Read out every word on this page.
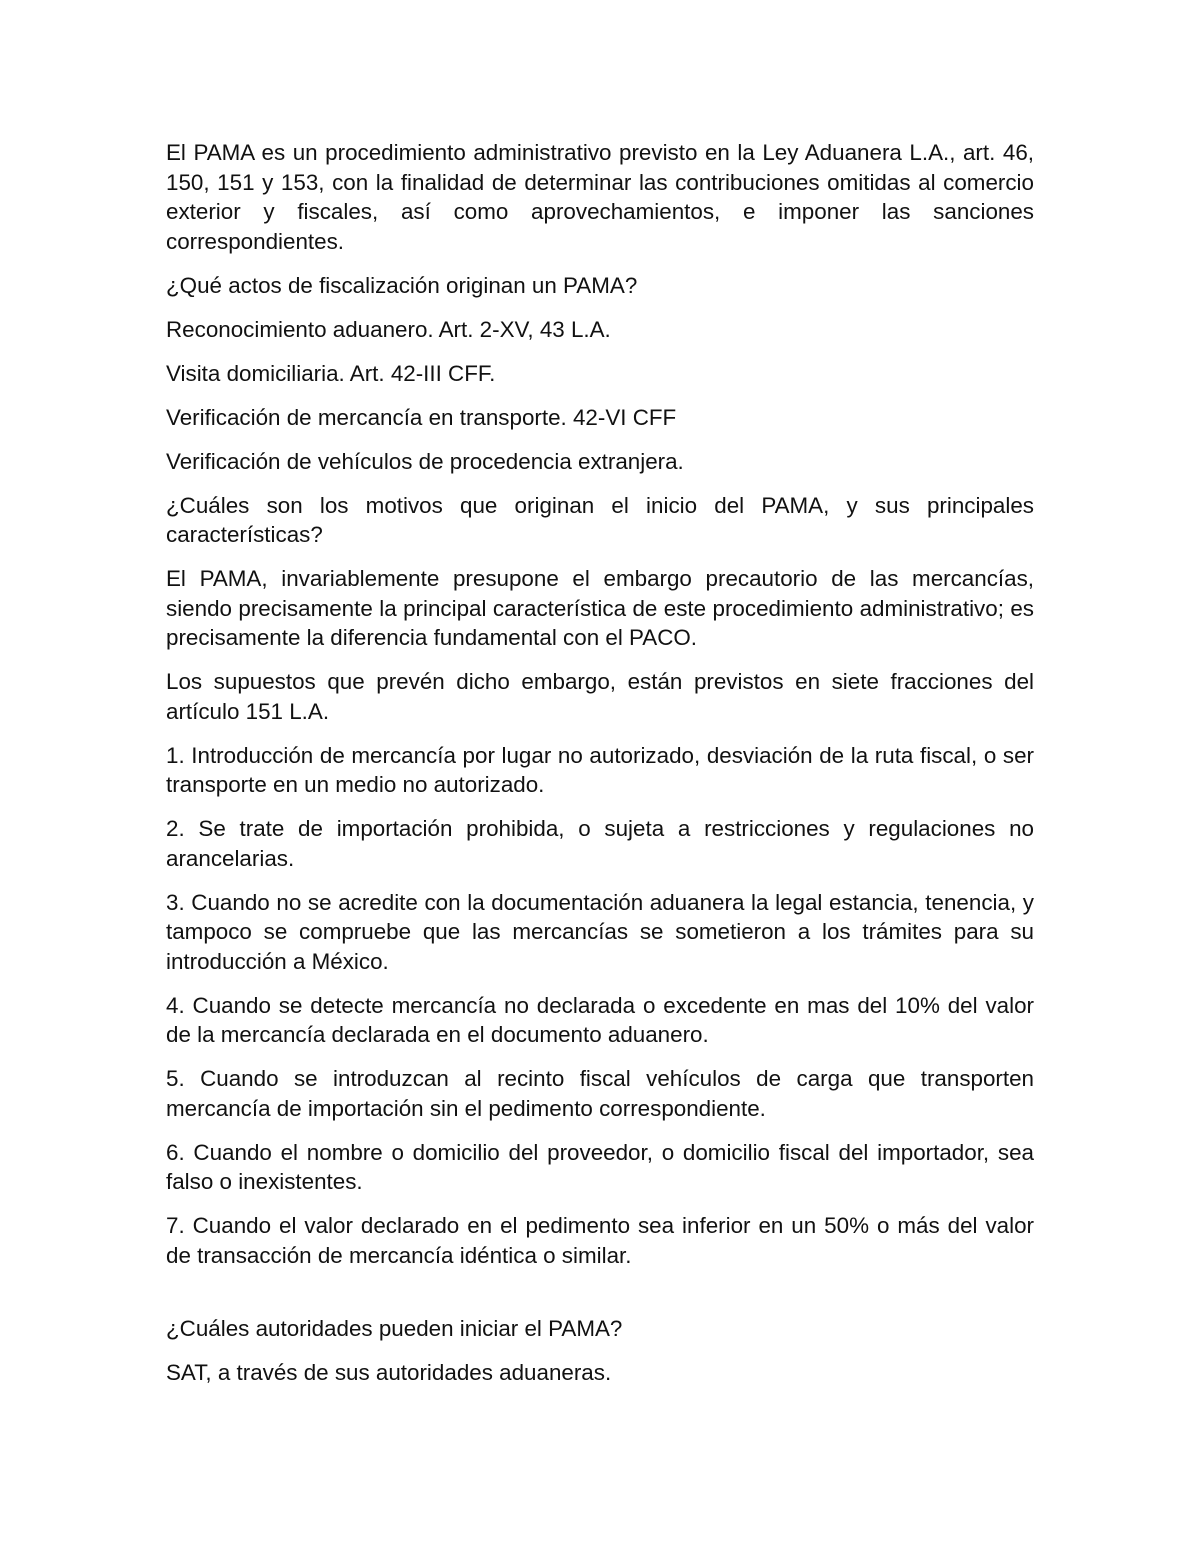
El PAMA es un procedimiento administrativo previsto en la Ley Aduanera L.A., art. 46, 150, 151 y 153, con la finalidad de determinar las contribuciones omitidas al comercio exterior y fiscales, así como aprovechamientos, e imponer las sanciones correspondientes.

¿Qué actos de fiscalización originan un PAMA?

Reconocimiento aduanero. Art. 2-XV, 43 L.A.

Visita domiciliaria. Art. 42-III CFF.

Verificación de mercancía en transporte. 42-VI CFF

Verificación de vehículos de procedencia extranjera.

¿Cuáles son los motivos que originan el inicio del PAMA, y sus principales características?

El PAMA, invariablemente presupone el embargo precautorio de las mercancías, siendo precisamente la principal característica de este procedimiento administrativo; es precisamente la diferencia fundamental con el PACO.

Los supuestos que prevén dicho embargo, están previstos en siete fracciones del artículo 151 L.A.

1. Introducción de mercancía por lugar no autorizado, desviación de la ruta fiscal, o ser transporte en un medio no autorizado.

2. Se trate de importación prohibida, o sujeta a restricciones y regulaciones no arancelarias.

3. Cuando no se acredite con la documentación aduanera la legal estancia, tenencia, y tampoco se compruebe que las mercancías se sometieron a los trámites para su introducción a México.

4. Cuando se detecte mercancía no declarada o excedente en mas del 10% del valor de la mercancía declarada en el documento aduanero.

5. Cuando se introduzcan al recinto fiscal vehículos de carga que transporten mercancía de importación sin el pedimento correspondiente.

6. Cuando el nombre o domicilio del proveedor, o domicilio fiscal del importador, sea falso o inexistentes.

7. Cuando el valor declarado en el pedimento sea inferior en un 50% o más del valor de transacción de mercancía idéntica o similar.

¿Cuáles autoridades pueden iniciar el PAMA?

SAT, a través de sus autoridades aduaneras.
